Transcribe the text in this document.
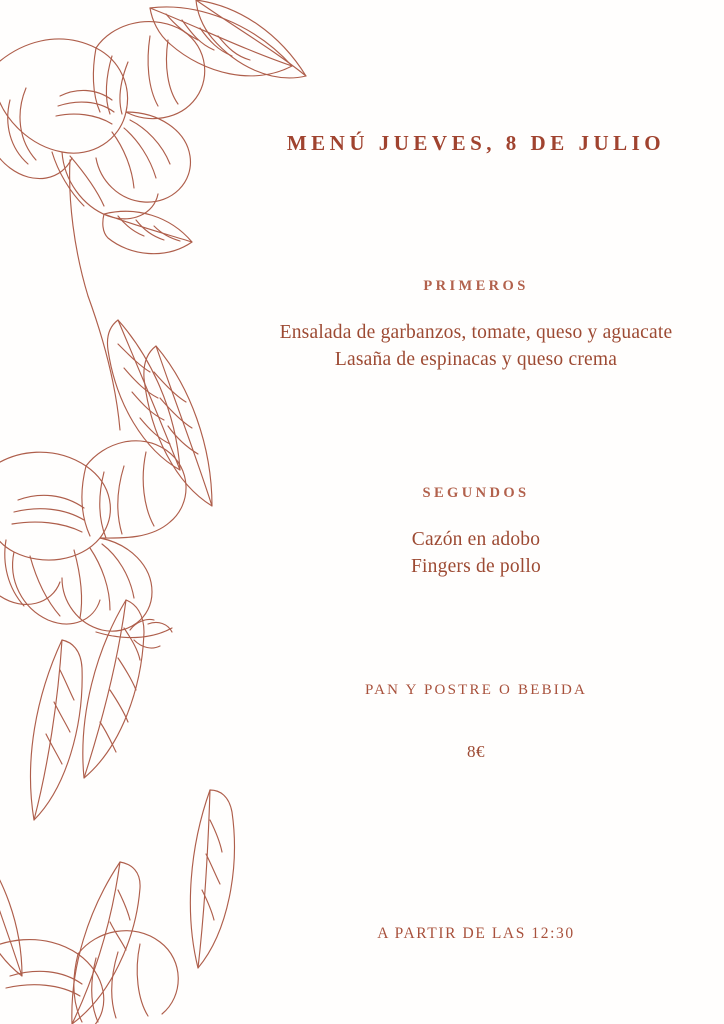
MENÚ JUEVES, 8 DE JULIO
PRIMEROS
Ensalada de garbanzos, tomate, queso y aguacate
Lasaña de espinacas y queso crema
SEGUNDOS
Cazón en adobo
Fingers de pollo
PAN Y POSTRE O BEBIDA
8€
A PARTIR DE LAS 12:30
